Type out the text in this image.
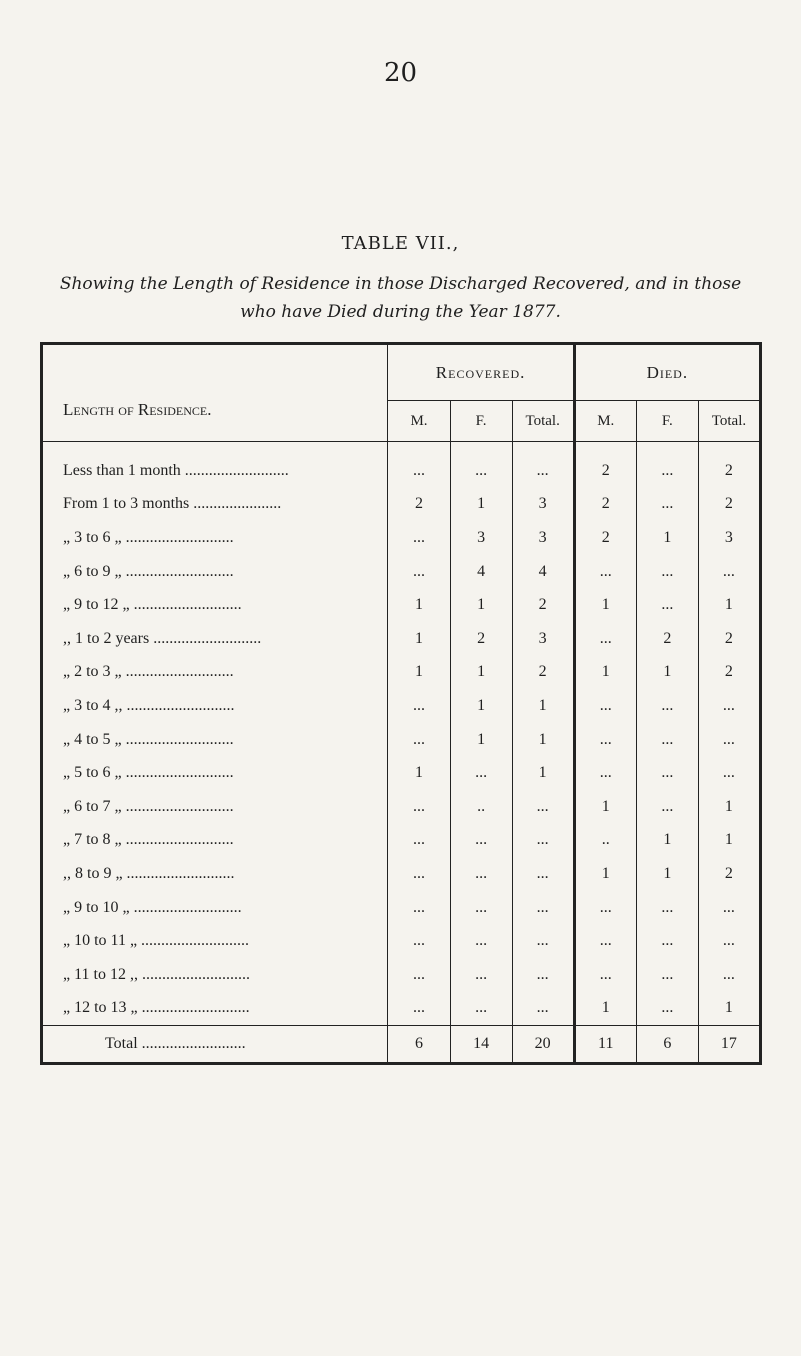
20
TABLE VII.,
Showing the Length of Residence in those Discharged Recovered, and in those
who have Died during the Year 1877.
Length of Residence.	Recovered.			Died.		
	M.	F.	Total.	M.	F.	Total.
Less than 1 month ..........................	...	...	...	2	...	2
From 1 to 3 months ......................	2	1	3	2	...	2
„ 3 to 6 „ ...........................	...	3	3	2	1	3
„ 6 to 9 „ ...........................	...	4	4	...	...	...
„ 9 to 12 „ ...........................	1	1	2	1	...	1
,, 1 to 2 years ...........................	1	2	3	...	2	2
„ 2 to 3 „ ...........................	1	1	2	1	1	2
„ 3 to 4 ,, ...........................	...	1	1	...	...	...
„ 4 to 5 „ ...........................	...	1	1	...	...	...
„ 5 to 6 „ ...........................	1	...	1	...	...	...
„ 6 to 7 „ ...........................	...	..	...	1	...	1
„ 7 to 8 „ ...........................	...	...	...	..	1	1
,, 8 to 9 „ ...........................	...	...	...	1	1	2
„ 9 to 10 „ ...........................	...	...	...	...	...	...
„ 10 to 11 „ ...........................	...	...	...	...	...	...
„ 11 to 12 ,, ...........................	...	...	...	...	...	...
„ 12 to 13 „ ...........................	...	...	...	1	...	1
Total ..........................	6	14	20	11	6	17
